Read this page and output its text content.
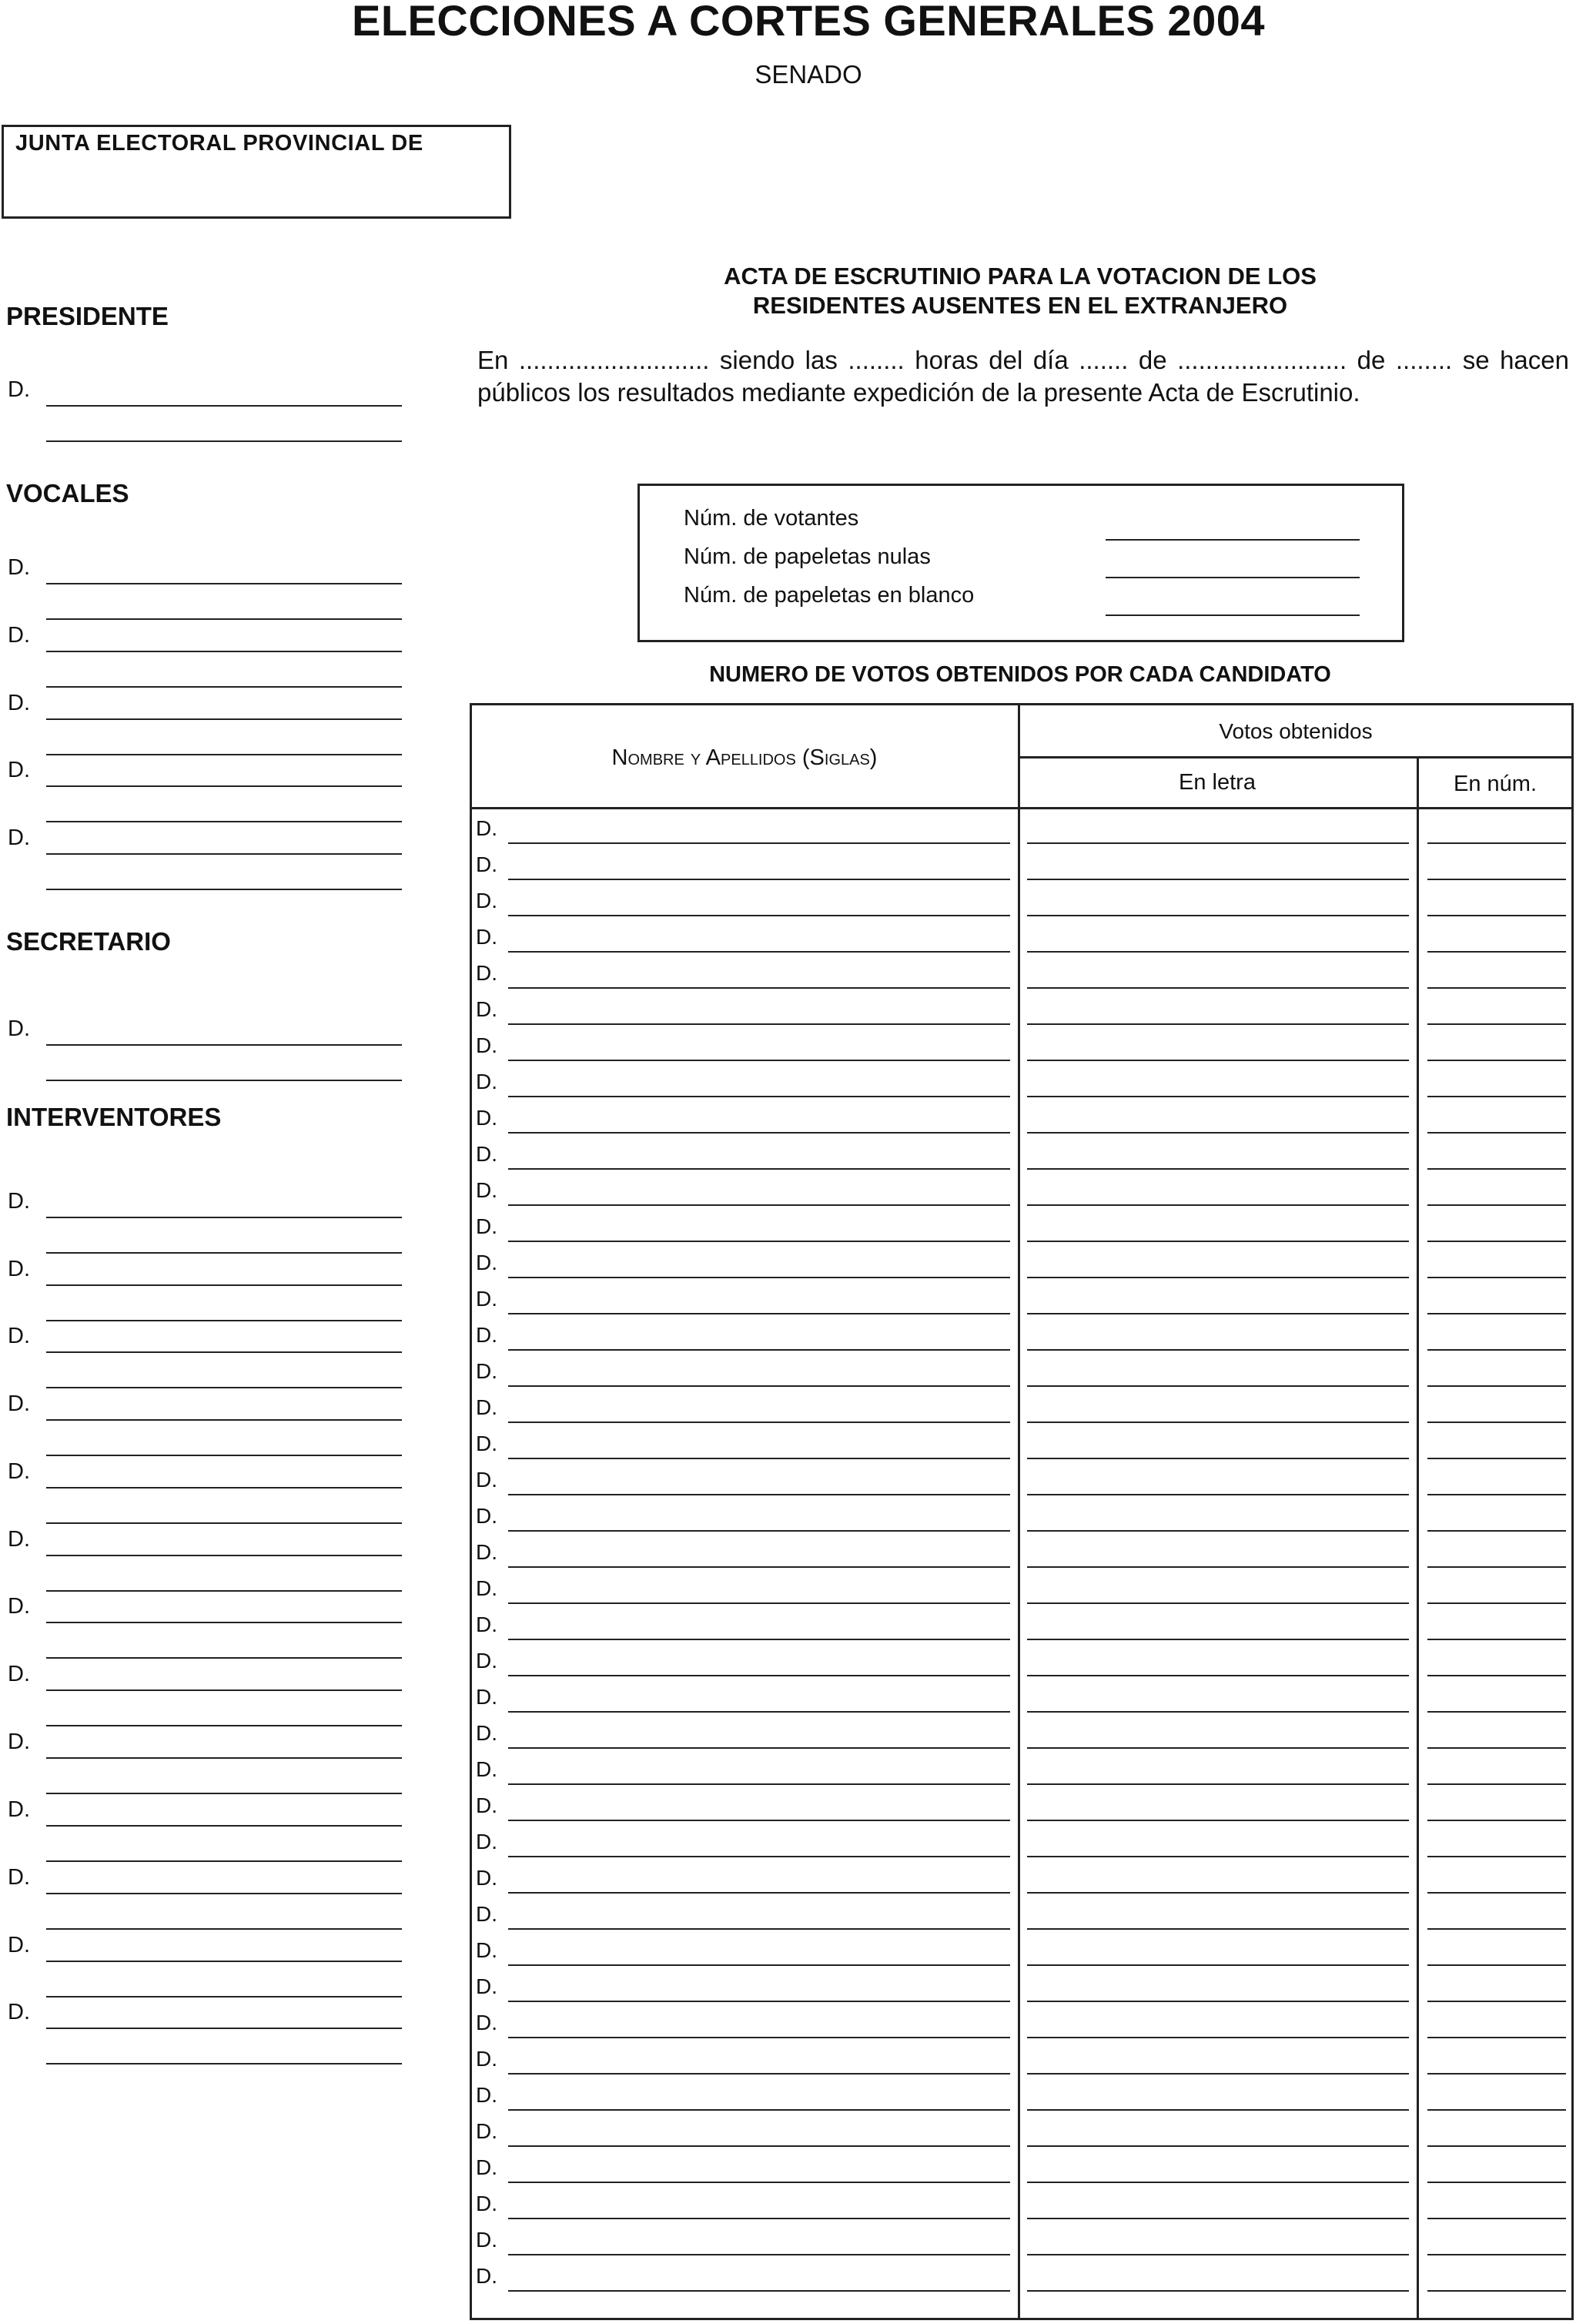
ELECCIONES A CORTES GENERALES 2004
SENADO
JUNTA ELECTORAL PROVINCIAL DE
PRESIDENTE
VOCALES
SECRETARIO
INTERVENTORES
ACTA DE ESCRUTINIO PARA LA VOTACION DE LOS
RESIDENTES AUSENTES EN EL EXTRANJERO
En ........................... siendo las ........ horas del día ....... de ........................ de ........ se hacen públicos los resultados mediante expedición de la presente Acta de Escrutinio.
Núm. de votantes
Núm. de papeletas nulas
Núm. de papeletas en blanco
NUMERO DE VOTOS OBTENIDOS POR CADA CANDIDATO
Nombre y Apellidos (Siglas)
Votos obtenidos
En letra	En núm.
D.
D.
D.
D.
D.
D.
D.
D.
D.
D.
D.
D.
D.
D.
D.
D.
D.
D.
D.
D.
D.
D.
D.
D.
D.
D.
D.
D.
D.
D.
D.
D.
D.
D.
D.
D.
D.
D.
D.
D.
D.
D.
D.
D.
D.
D.
D.
D.
D.
D.
D.
D.
D.
D.
D.
D.
D.
D.
D.
D.
D.
